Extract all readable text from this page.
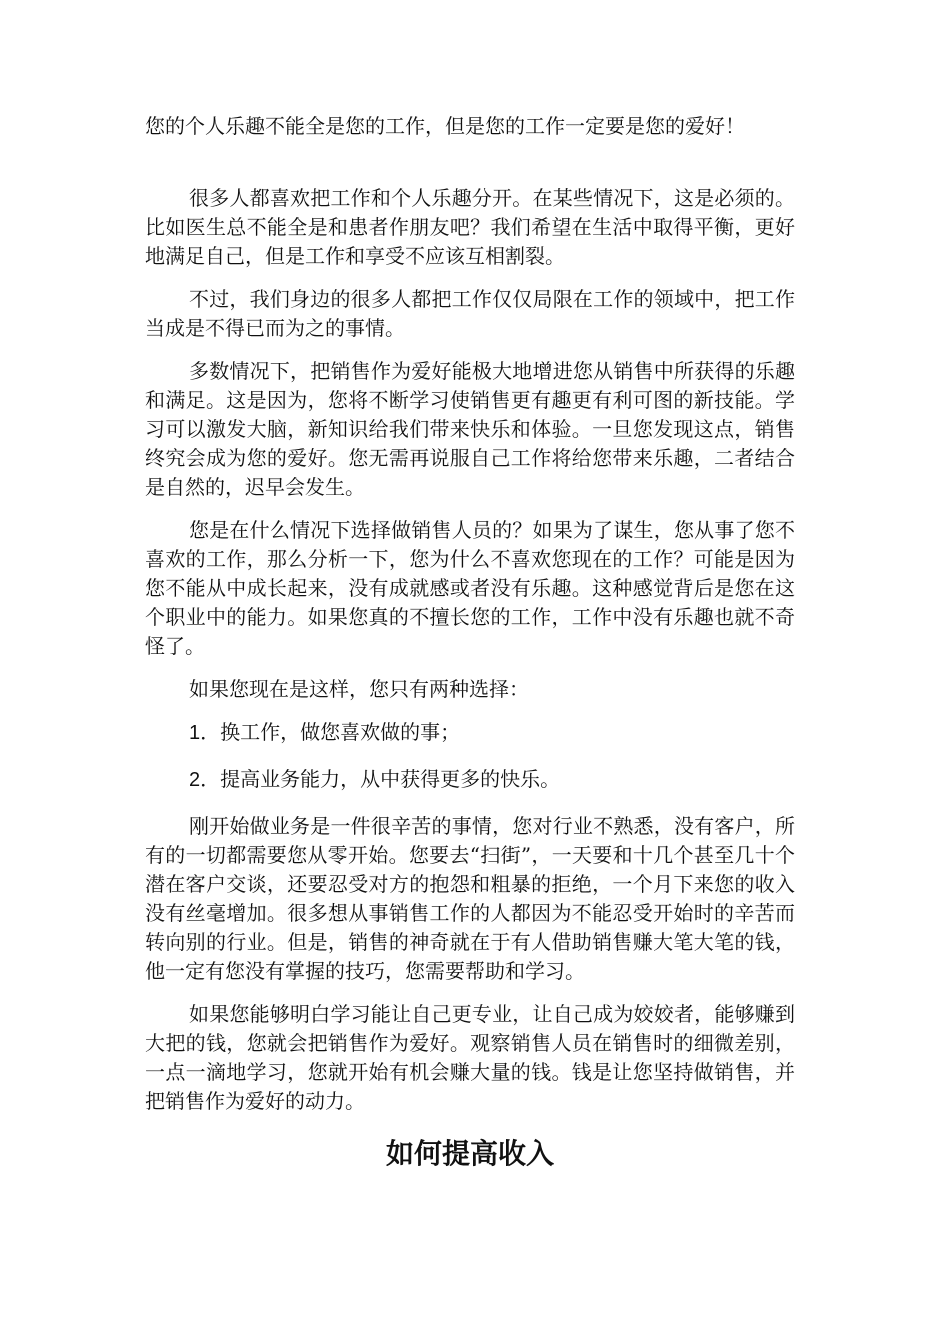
您的个人乐趣不能全是您的工作，但是您的工作一定要是您的爱好！

很多人都喜欢把工作和个人乐趣分开。在某些情况下，这是必须的。比如医生总不能全是和患者作朋友吧？我们希望在生活中取得平衡，更好地满足自己，但是工作和享受不应该互相割裂。

不过，我们身边的很多人都把工作仅仅局限在工作的领域中，把工作当成是不得已而为之的事情。

多数情况下，把销售作为爱好能极大地增进您从销售中所获得的乐趣和满足。这是因为，您将不断学习使销售更有趣更有利可图的新技能。学习可以激发大脑，新知识给我们带来快乐和体验。一旦您发现这点，销售终究会成为您的爱好。您无需再说服自己工作将给您带来乐趣，二者结合是自然的，迟早会发生。

您是在什么情况下选择做销售人员的？如果为了谋生，您从事了您不喜欢的工作，那么分析一下，您为什么不喜欢您现在的工作？可能是因为您不能从中成长起来，没有成就感或者没有乐趣。这种感觉背后是您在这个职业中的能力。如果您真的不擅长您的工作，工作中没有乐趣也就不奇怪了。

如果您现在是这样，您只有两种选择：

1．换工作，做您喜欢做的事；
2．提高业务能力，从中获得更多的快乐。

刚开始做业务是一件很辛苦的事情，您对行业不熟悉，没有客户，所有的一切都需要您从零开始。您要去“扫街”，一天要和十几个甚至几十个潜在客户交谈，还要忍受对方的抱怨和粗暴的拒绝，一个月下来您的收入没有丝毫增加。很多想从事销售工作的人都因为不能忍受开始时的辛苦而转向别的行业。但是，销售的神奇就在于有人借助销售赚大笔大笔的钱，他一定有您没有掌握的技巧，您需要帮助和学习。

如果您能够明白学习能让自己更专业，让自己成为姣姣者，能够赚到大把的钱，您就会把销售作为爱好。观察销售人员在销售时的细微差别，一点一滴地学习，您就开始有机会赚大量的钱。钱是让您坚持做销售，并把销售作为爱好的动力。

如何提高收入
